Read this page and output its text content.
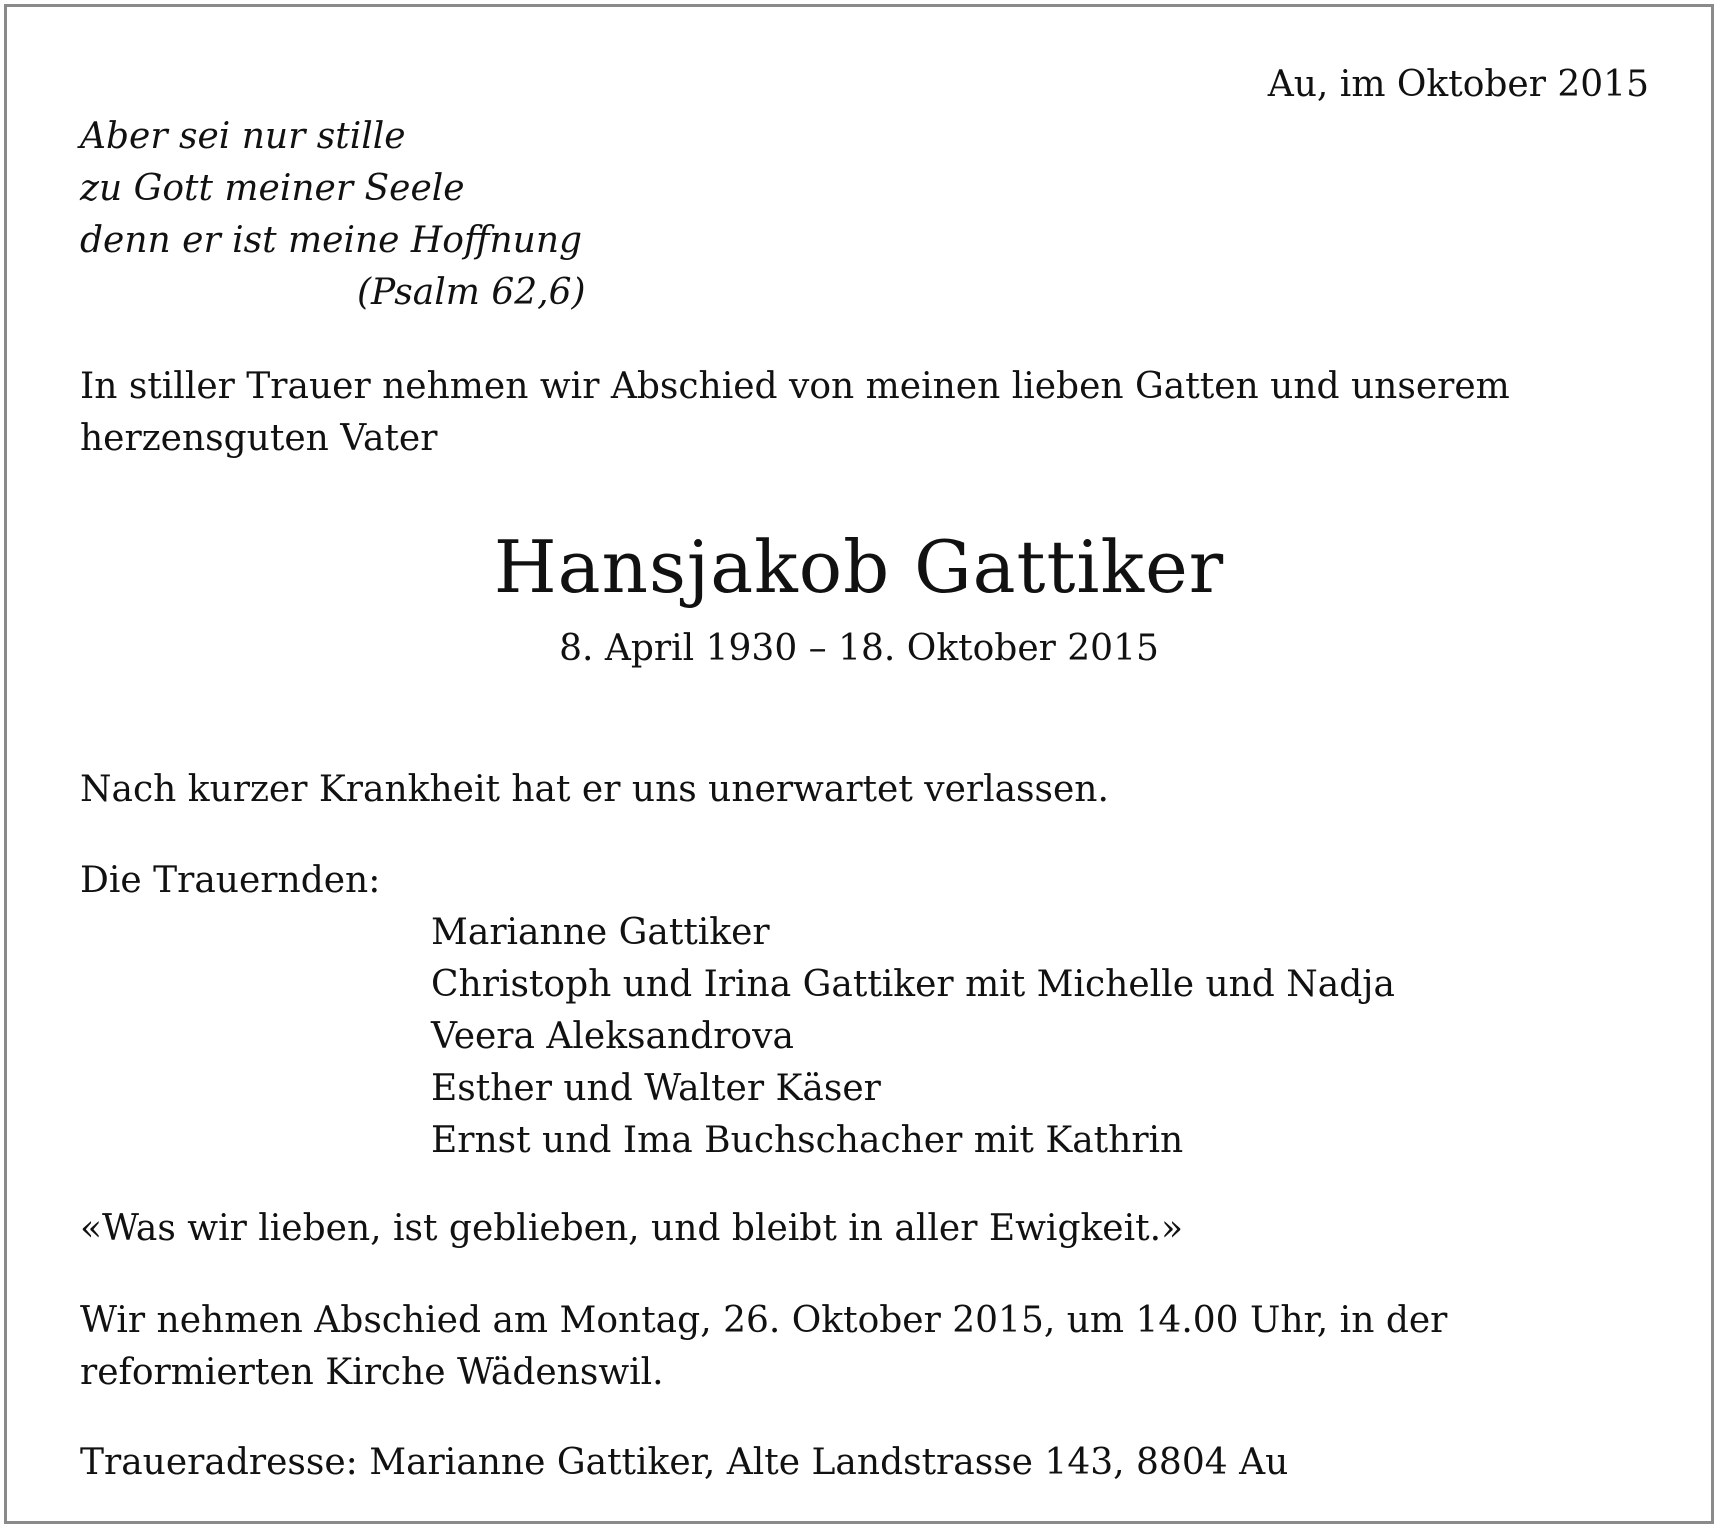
Au, im Oktober 2015
Aber sei nur stille
zu Gott meiner Seele
denn er ist meine Hoffnung
(Psalm 62,6)
In stiller Trauer nehmen wir Abschied von meinen lieben Gatten und unserem
herzensguten Vater
Hansjakob Gattiker
8. April 1930 – 18. Oktober 2015
Nach kurzer Krankheit hat er uns unerwartet verlassen.
Die Trauernden:
Marianne Gattiker
Christoph und Irina Gattiker mit Michelle und Nadja
Veera Aleksandrova
Esther und Walter Käser
Ernst und Ima Buchschacher mit Kathrin
«Was wir lieben, ist geblieben, und bleibt in aller Ewigkeit.»
Wir nehmen Abschied am Montag, 26. Oktober 2015, um 14.00 Uhr, in der
reformierten Kirche Wädenswil.
Traueradresse: Marianne Gattiker, Alte Landstrasse 143, 8804 Au
